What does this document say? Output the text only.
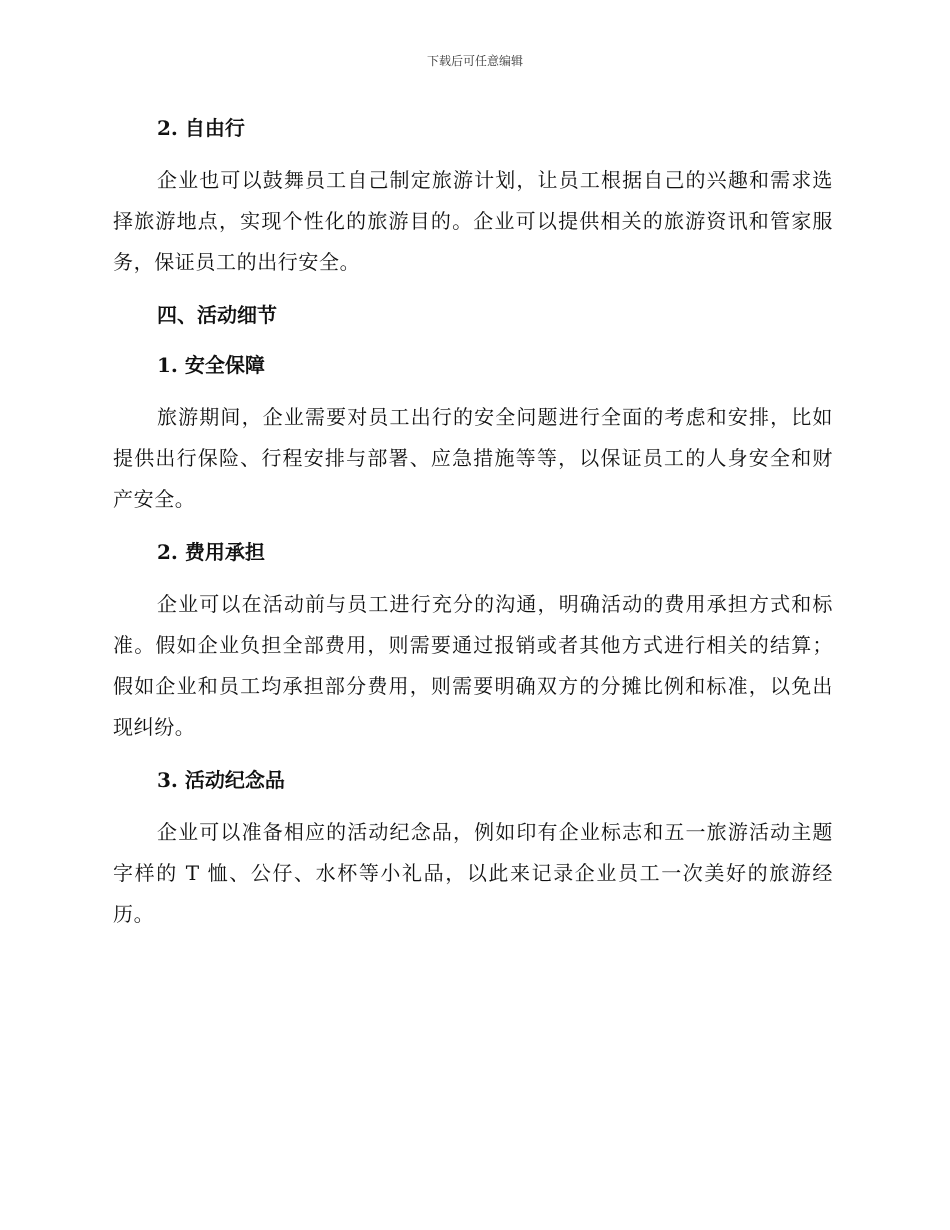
下载后可任意编辑

2. 自由行

企业也可以鼓舞员工自己制定旅游计划，让员工根据自己的兴趣和需求选择旅游地点，实现个性化的旅游目的。企业可以提供相关的旅游资讯和管家服务，保证员工的出行安全。

四、活动细节

1. 安全保障

旅游期间，企业需要对员工出行的安全问题进行全面的考虑和安排，比如提供出行保险、行程安排与部署、应急措施等等，以保证员工的人身安全和财产安全。

2. 费用承担

企业可以在活动前与员工进行充分的沟通，明确活动的费用承担方式和标准。假如企业负担全部费用，则需要通过报销或者其他方式进行相关的结算；假如企业和员工均承担部分费用，则需要明确双方的分摊比例和标准，以免出现纠纷。

3. 活动纪念品

企业可以准备相应的活动纪念品，例如印有企业标志和五一旅游活动主题字样的 T 恤、公仔、水杯等小礼品，以此来记录企业员工一次美好的旅游经历。
